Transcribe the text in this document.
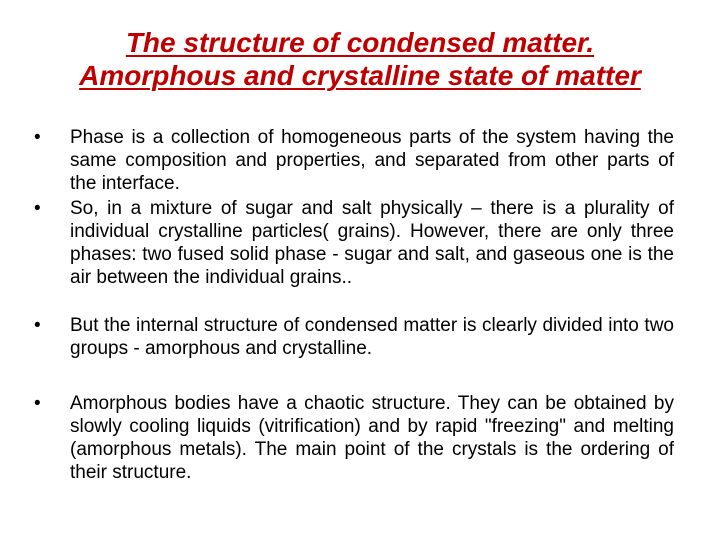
The structure of condensed matter.
Amorphous and crystalline state of matter
•	Phase is a collection of homogeneous parts of the system having the same composition and properties, and separated from other parts of the interface.
•	So, in a mixture of sugar and salt physically – there is a plurality of individual crystalline particles( grains). However, there are only three phases: two fused solid phase - sugar and salt, and gaseous one is the air between the individual grains..
•	But the internal structure of condensed matter is clearly divided into two groups - amorphous and crystalline.
•	Amorphous bodies have a chaotic structure. They can be obtained by slowly cooling liquids (vitrification) and by rapid "freezing" and melting (amorphous metals). The main point of the crystals is the ordering of their structure.
